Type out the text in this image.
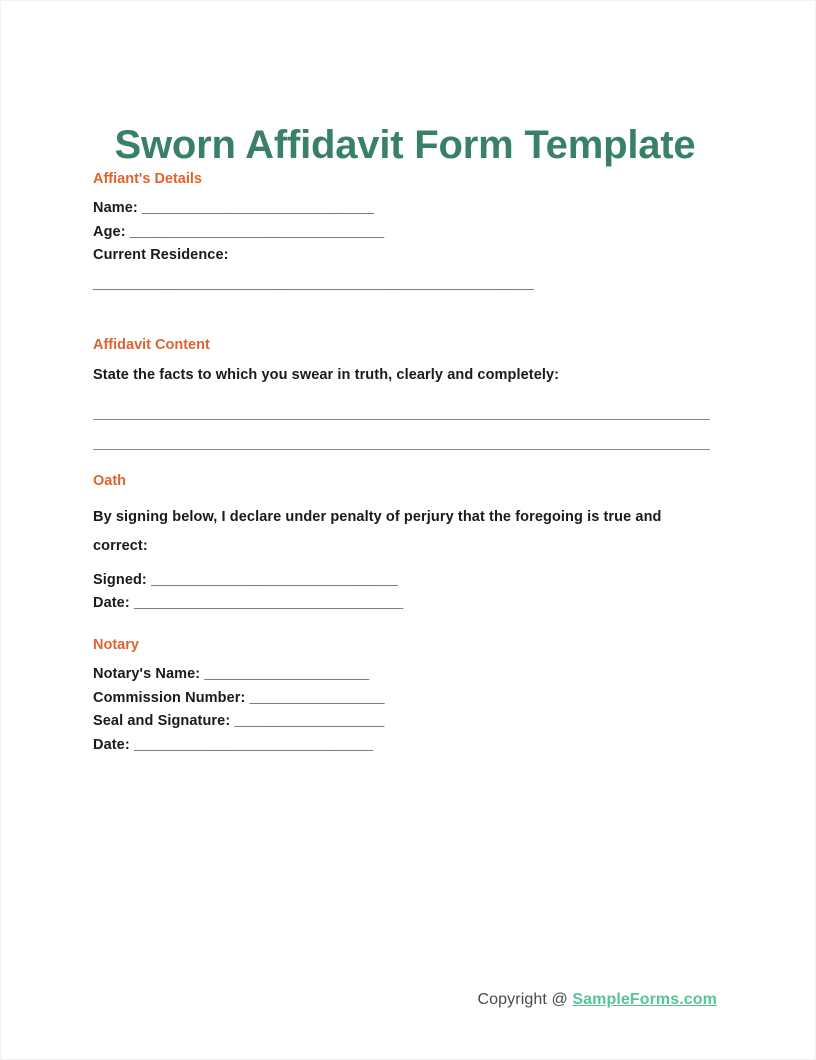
Sworn Affidavit Form Template
Affiant's Details
Name: _______________________________
Age: __________________________________
Current Residence:
___________________________________________________________
Affidavit Content

State the facts to which you swear in truth, clearly and completely:

Oath

By signing below, I declare under penalty of perjury that the foregoing is true and correct:

Signed: _________________________________
Date: ____________________________________
Notary
Notary's Name: ______________________
Commission Number: __________________
Seal and Signature: ____________________
Date: ________________________________
Copyright @ SampleForms.com
